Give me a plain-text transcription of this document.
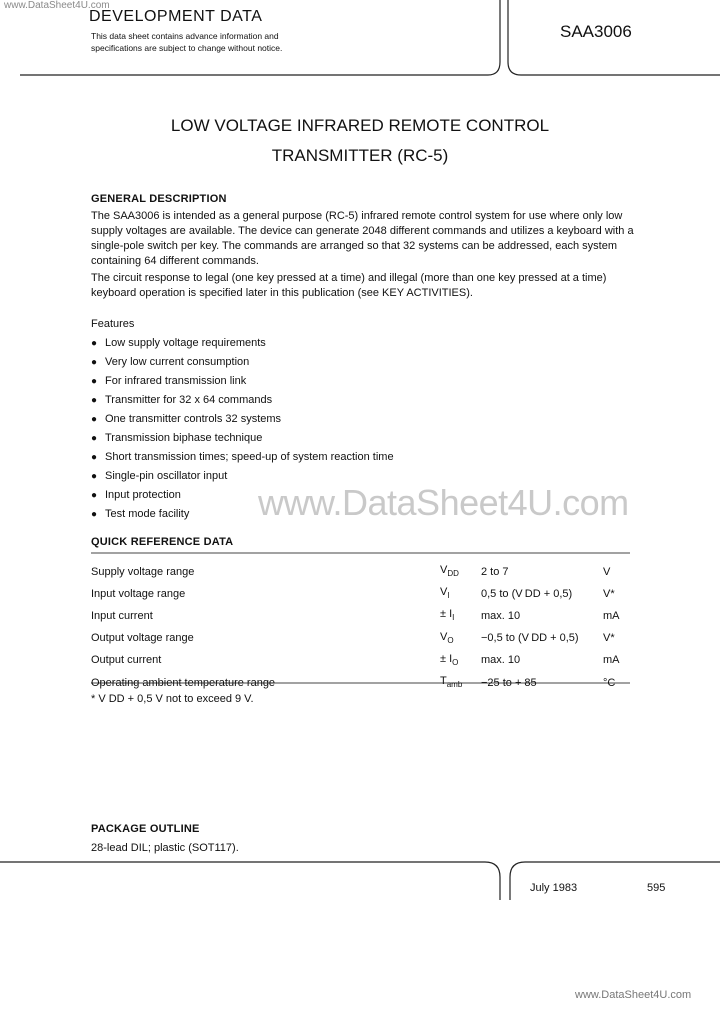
www.DataSheet4U.com
DEVELOPMENT DATA
This data sheet contains advance information and
specifications are subject to change without notice.
SAA3006
LOW VOLTAGE INFRARED REMOTE CONTROL
TRANSMITTER (RC-5)
GENERAL DESCRIPTION
The SAA3006 is intended as a general purpose (RC-5) infrared remote control system for use where only low supply voltages are available. The device can generate 2048 different commands and utilizes a keyboard with a single-pole switch per key. The commands are arranged so that 32 systems can be addressed, each system containing 64 different commands.
The circuit response to legal (one key pressed at a time) and illegal (more than one key pressed at a time) keyboard operation is specified later in this publication (see KEY ACTIVITIES).
Features
● Low supply voltage requirements
● Very low current consumption
● For infrared transmission link
● Transmitter for 32 x 64 commands
● One transmitter controls 32 systems
● Transmission biphase technique
● Short transmission times; speed-up of system reaction time
● Single-pin oscillator input
● Input protection
● Test mode facility	www.DataSheet4U.com
QUICK REFERENCE DATA
Supply voltage range	$V_{DD}$	2 to 7	V
Input voltage range	$V_I$	0,5 to (V DD + 0,5)	V*
Input current	± $I_I$	max. 10	mA
Output voltage range	$V_O$	−0,5 to (V DD + 0,5)	V*
Output current	± $I_O$	max. 10	mA
Operating ambient temperature range	$T_{amb}$	−25 to + 85	°C
* V DD + 0,5 V not to exceed 9 V.
PACKAGE OUTLINE
28-lead DIL; plastic (SOT117).
July 1983	595
www.DataSheet4U.com
